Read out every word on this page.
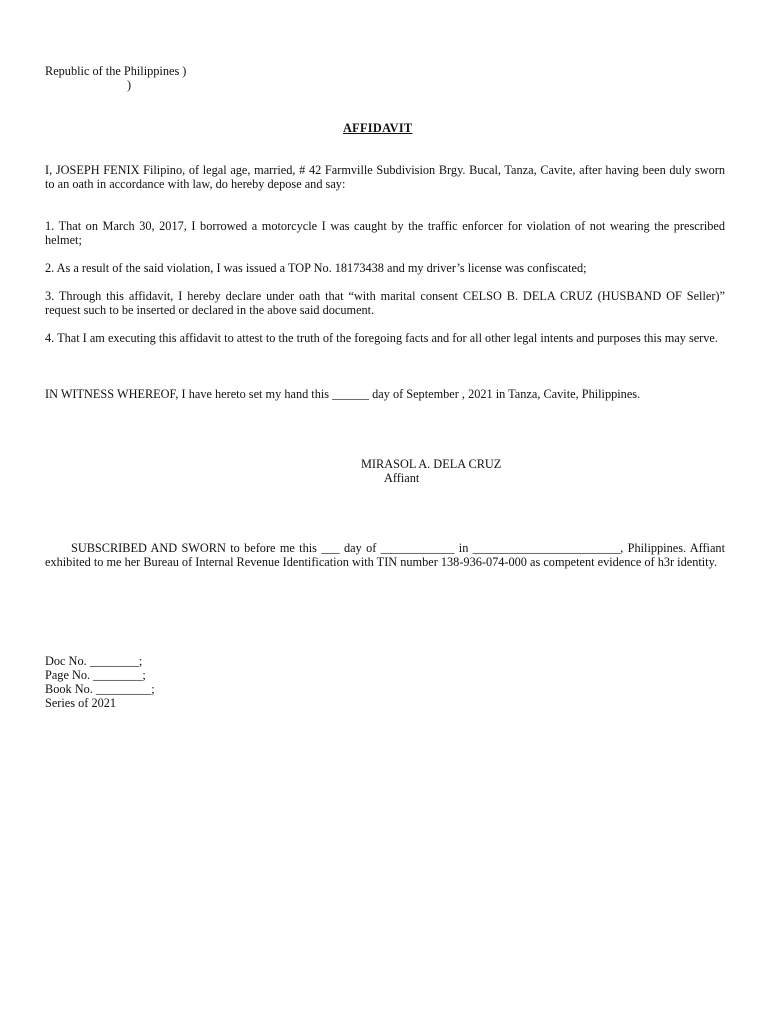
Republic of the Philippines )
)
AFFIDAVIT
I, JOSEPH FENIX Filipino, of legal age, married, # 42 Farmville Subdivision Brgy. Bucal, Tanza, Cavite, after having been duly sworn to an oath in accordance with law, do hereby depose and say:
1. That on March 30, 2017, I borrowed a motorcycle I was caught by the traffic enforcer for violation of not wearing the prescribed helmet;
2. As a result of the said violation, I was issued a TOP No. 18173438 and my driver’s license was confiscated;
3. Through this affidavit, I hereby declare under oath that “with marital consent CELSO B. DELA CRUZ (HUSBAND OF Seller)” request such to be inserted or declared in the above said document.
4. That I am executing this affidavit to attest to the truth of the foregoing facts and for all other legal intents and purposes this may serve.
IN WITNESS WHEREOF, I have hereto set my hand this ______ day of September , 2021 in Tanza, Cavite, Philippines.
MIRASOL A. DELA CRUZ
Affiant
SUBSCRIBED AND SWORN to before me this ___ day of ____________ in ________________________, Philippines. Affiant exhibited to me her Bureau of Internal Revenue Identification with TIN number 138-936-074-000 as competent evidence of h3r identity.
Doc No. ________;
Page No. ________;
Book No. _________;
Series of 2021
